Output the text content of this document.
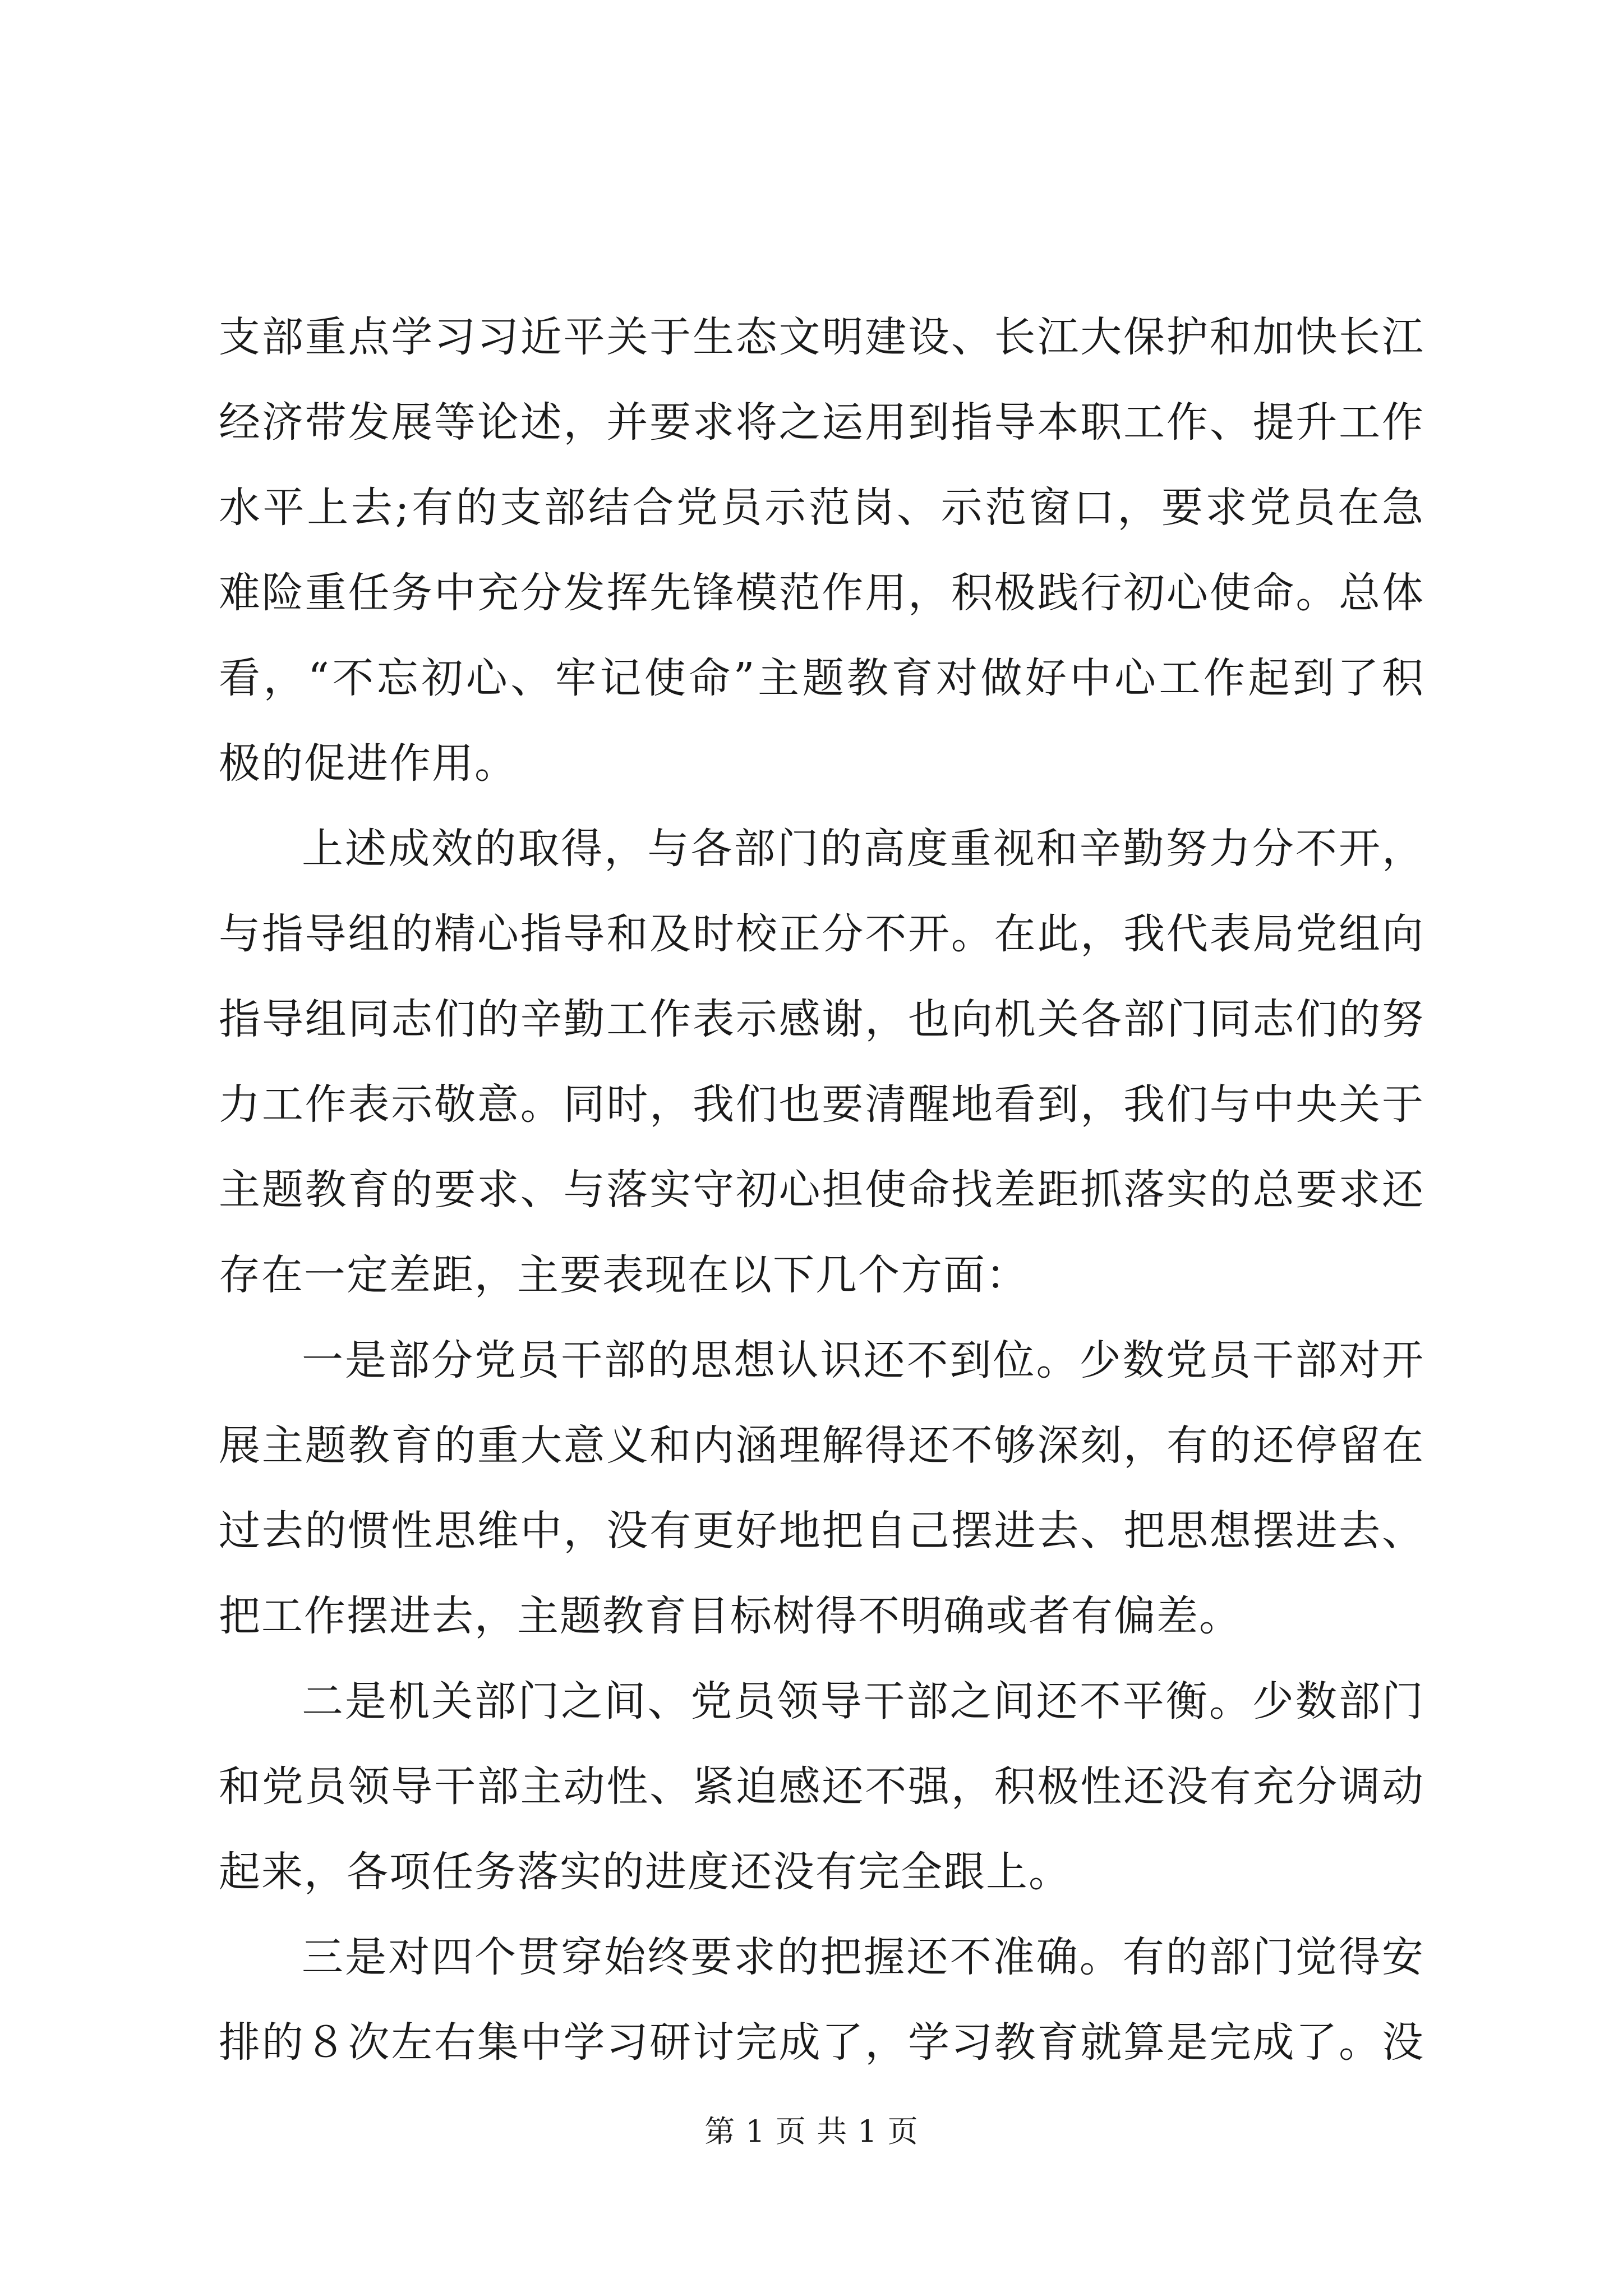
支部重点学习习近平关于生态文明建设、长江大保护和加快长江
经济带发展等论述，并要求将之运用到指导本职工作、提升工作
水平上去;有的支部结合党员示范岗、示范窗口，要求党员在急
难险重任务中充分发挥先锋模范作用，积极践行初心使命。总体
看，“不忘初心、牢记使命”主题教育对做好中心工作起到了积
极的促进作用。
上述成效的取得，与各部门的高度重视和辛勤努力分不开，
与指导组的精心指导和及时校正分不开。在此，我代表局党组向
指导组同志们的辛勤工作表示感谢，也向机关各部门同志们的努
力工作表示敬意。同时，我们也要清醒地看到，我们与中央关于
主题教育的要求、与落实守初心担使命找差距抓落实的总要求还
存在一定差距，主要表现在以下几个方面：
一是部分党员干部的思想认识还不到位。少数党员干部对开
展主题教育的重大意义和内涵理解得还不够深刻，有的还停留在
过去的惯性思维中，没有更好地把自己摆进去、把思想摆进去、
把工作摆进去，主题教育目标树得不明确或者有偏差。
二是机关部门之间、党员领导干部之间还不平衡。少数部门
和党员领导干部主动性、紧迫感还不强，积极性还没有充分调动
起来，各项任务落实的进度还没有完全跟上。
三是对四个贯穿始终要求的把握还不准确。有的部门觉得安
排的８次左右集中学习研讨完成了，学习教育就算是完成了。没
第 1 页 共 1 页
